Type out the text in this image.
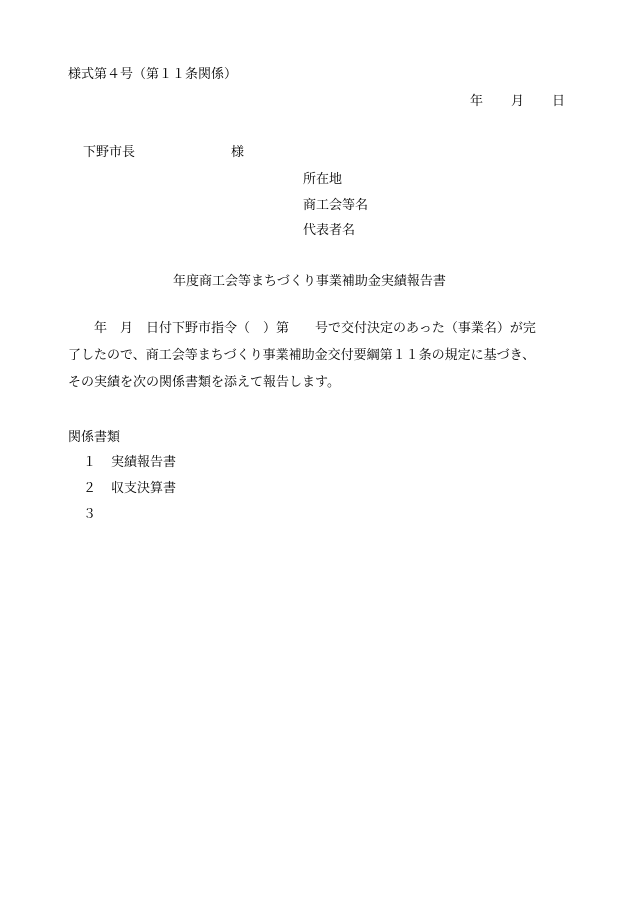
様式第４号（第１１条関係）
年 月 日
下野市長	様
所在地
商工会等名
代表者名
年度商工会等まちづくり事業補助金実績報告書

　　年　月　日付下野市指令（　）第　　号で交付決定のあった（事業名）が完

了したので、商工会等まちづくり事業補助金交付要綱第１１条の規定に基づき、

その実績を次の関係書類を添えて報告します。

関係書類
１ 実績報告書
２ 収支決算書
３
